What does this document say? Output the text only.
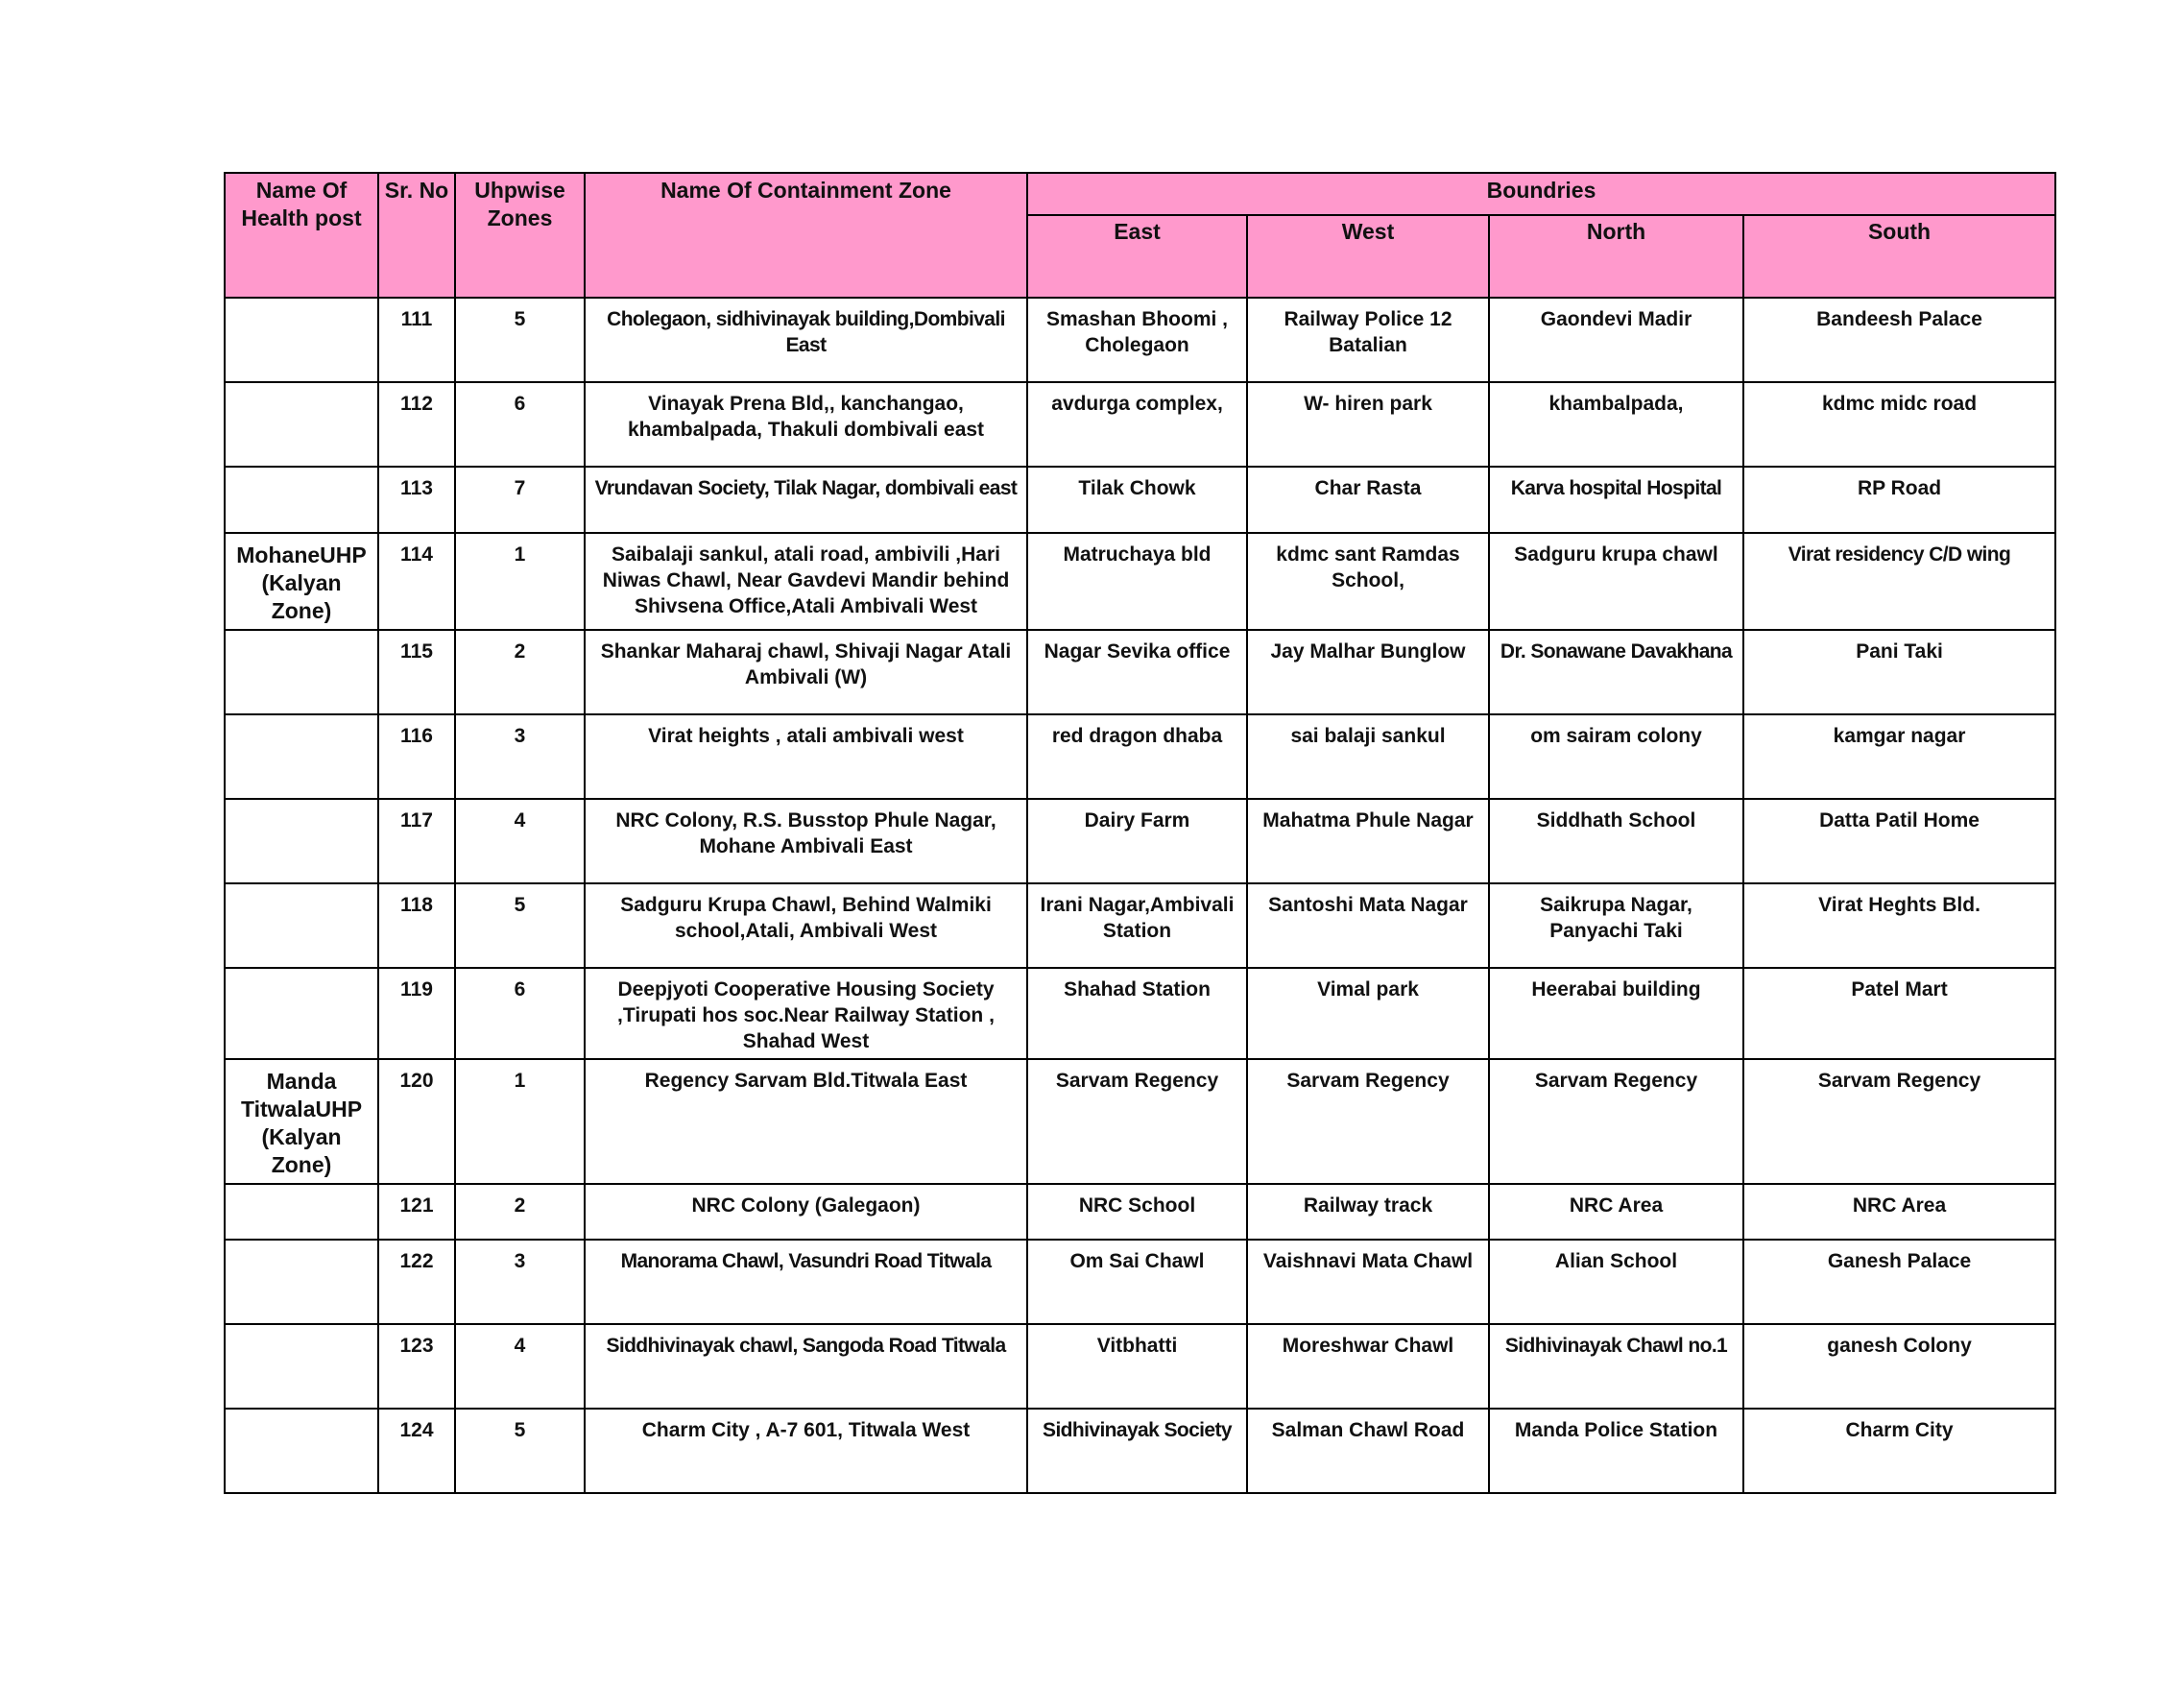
Name Of Health post	Sr. No	Uhpwise Zones	Name Of Containment Zone	Boundries			
				East	West	North	South
	111	5	Cholegaon, sidhivinayak building,Dombivali East	Smashan Bhoomi , Cholegaon	Railway Police 12 Batalian	Gaondevi Madir	Bandeesh Palace
	112	6	Vinayak Prena Bld,, kanchangao, khambalpada, Thakuli dombivali east	avdurga complex,	W- hiren park	khambalpada,	kdmc midc road
	113	7	Vrundavan Society, Tilak Nagar, dombivali east	Tilak Chowk	Char Rasta	Karva hospital Hospital	RP Road
MohaneUHP (Kalyan Zone)	114	1	Saibalaji sankul, atali road, ambivili ,Hari Niwas Chawl, Near Gavdevi Mandir behind Shivsena Office,Atali Ambivali West	Matruchaya bld	kdmc sant Ramdas School,	Sadguru krupa chawl	Virat residency C/D wing
	115	2	Shankar Maharaj chawl, Shivaji Nagar Atali Ambivali (W)	Nagar Sevika office	Jay Malhar Bunglow	Dr. Sonawane Davakhana	Pani Taki
	116	3	Virat heights , atali ambivali west	red dragon dhaba	sai balaji sankul	om sairam colony	kamgar nagar
	117	4	NRC Colony, R.S. Busstop Phule Nagar, Mohane Ambivali East	Dairy Farm	Mahatma Phule Nagar	Siddhath School	Datta Patil Home
	118	5	Sadguru Krupa Chawl, Behind Walmiki school,Atali, Ambivali West	Irani Nagar,Ambivali Station	Santoshi Mata Nagar	Saikrupa Nagar, Panyachi Taki	Virat Heghts Bld.
	119	6	Deepjyoti Cooperative Housing Society ,Tirupati hos soc.Near Railway Station , Shahad West	Shahad Station	Vimal park	Heerabai building	Patel Mart
Manda TitwalaUHP (Kalyan Zone)	120	1	Regency Sarvam Bld.Titwala East	Sarvam Regency	Sarvam Regency	Sarvam Regency	Sarvam Regency
	121	2	NRC Colony (Galegaon)	NRC School	Railway track	NRC Area	NRC Area
	122	3	Manorama Chawl, Vasundri Road Titwala	Om Sai Chawl	Vaishnavi Mata Chawl	Alian School	Ganesh Palace
	123	4	Siddhivinayak chawl, Sangoda Road Titwala	Vitbhatti	Moreshwar Chawl	Sidhivinayak Chawl no.1	ganesh Colony
	124	5	Charm City , A-7 601, Titwala West	Sidhivinayak Society	Salman Chawl Road	Manda Police Station	Charm City
